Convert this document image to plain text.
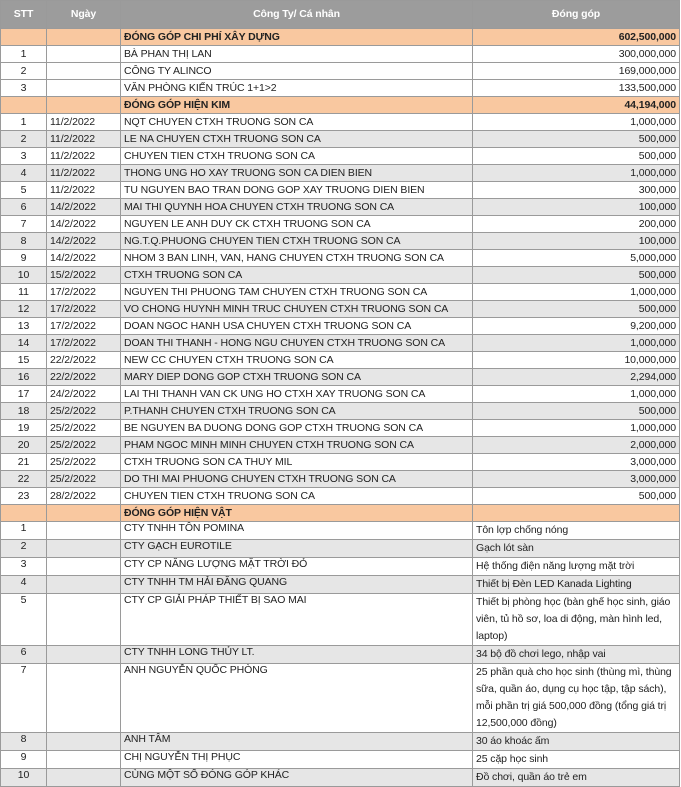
STT	Ngày	Công Ty/ Cá nhân	Đóng góp
		ĐÓNG GÓP CHI PHÍ XÂY DỰNG	602,500,000
1		BÀ PHAN THỊ LAN	300,000,000
2		CÔNG TY ALINCO	169,000,000
3		VĂN PHÒNG KIẾN TRÚC 1+1>2	133,500,000
		ĐÓNG GÓP HIỆN KIM	44,194,000
1	11/2/2022	NQT CHUYEN CTXH TRUONG SON CA	1,000,000
2	11/2/2022	LE NA CHUYEN CTXH TRUONG SON CA	500,000
3	11/2/2022	CHUYEN TIEN CTXH TRUONG SON CA	500,000
4	11/2/2022	THONG UNG HO XAY TRUONG SON CA DIEN BIEN	1,000,000
5	11/2/2022	TU NGUYEN BAO TRAN DONG GOP XAY TRUONG DIEN BIEN	300,000
6	14/2/2022	MAI THI QUYNH HOA CHUYEN CTXH TRUONG SON CA	100,000
7	14/2/2022	NGUYEN LE ANH DUY CK CTXH TRUONG SON CA	200,000
8	14/2/2022	NG.T.Q.PHUONG CHUYEN TIEN CTXH TRUONG SON CA	100,000
9	14/2/2022	NHOM 3 BAN LINH, VAN, HANG CHUYEN CTXH TRUONG SON CA	5,000,000
10	15/2/2022	CTXH TRUONG SON CA	500,000
11	17/2/2022	NGUYEN THI PHUONG TAM CHUYEN CTXH TRUONG SON CA	1,000,000
12	17/2/2022	VO CHONG HUYNH MINH TRUC CHUYEN CTXH TRUONG SON CA	500,000
13	17/2/2022	DOAN NGOC HANH USA CHUYEN CTXH TRUONG SON CA	9,200,000
14	17/2/2022	DOAN THI THANH - HONG NGU CHUYEN CTXH TRUONG SON CA	1,000,000
15	22/2/2022	NEW CC CHUYEN CTXH TRUONG SON CA	10,000,000
16	22/2/2022	MARY DIEP DONG GOP CTXH TRUONG SON CA	2,294,000
17	24/2/2022	LAI THI THANH VAN CK UNG HO CTXH XAY TRUONG SON CA	1,000,000
18	25/2/2022	P.THANH CHUYEN CTXH TRUONG SON CA	500,000
19	25/2/2022	BE NGUYEN BA DUONG DONG GOP CTXH TRUONG SON CA	1,000,000
20	25/2/2022	PHAM NGOC MINH MINH CHUYEN CTXH TRUONG SON CA	2,000,000
21	25/2/2022	CTXH TRUONG SON CA THUY MIL	3,000,000
22	25/2/2022	DO THI MAI PHUONG CHUYEN CTXH TRUONG SON CA	3,000,000
23	28/2/2022	CHUYEN TIEN CTXH TRUONG SON CA	500,000
		ĐÓNG GÓP HIỆN VẬT	
1		CTY TNHH TÔN POMINA	Tôn lợp chống nóng
2		CTY GẠCH EUROTILE	Gạch lót sàn
3		CTY CP NĂNG LƯỢNG MẶT TRỜI ĐỎ	Hệ thống điện năng lượng mặt trời
4		CTY TNHH TM HẢI ĐĂNG QUANG	Thiết bị Đèn LED Kanada Lighting
5		CTY CP GIẢI PHÁP THIẾT BỊ SAO MAI	Thiết bị phòng học (bàn ghế học sinh, giáo viên, tủ hồ sơ, loa di động, màn hình led, laptop)
6		CTY TNHH LONG THỦY LT.	34 bộ đồ chơi lego, nhập vai
7		ANH NGUYỄN QUỐC PHÒNG	25 phần quà cho học sinh (thùng mì, thùng sữa, quần áo, dụng cụ học tập, tập sách), mỗi phần trị giá 500,000 đồng (tổng giá trị 12,500,000 đồng)
8		ANH TÂM	30 áo khoác ấm
9		CHỊ NGUYỄN THỊ PHỤC	25 cặp học sinh
10		CÙNG MỘT SỐ ĐÓNG GÓP KHÁC	Đồ chơi, quần áo trẻ em
